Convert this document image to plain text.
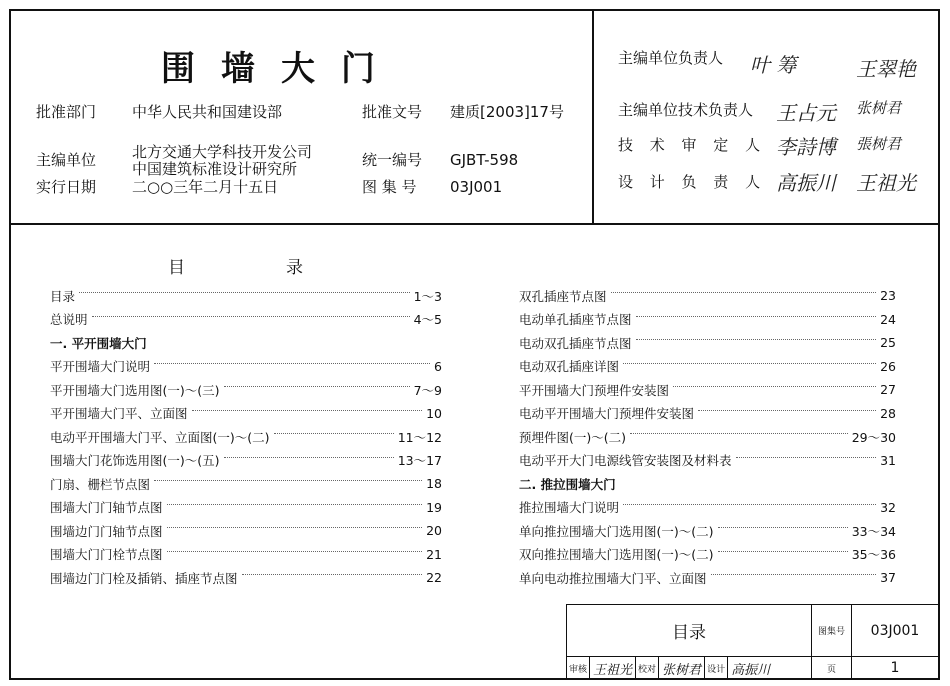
围墙大门
批准部门 中华人民共和国建设部	批准文号 建质[2003]17号
主编单位 北方交通大学科技开发公司
中国建筑标准设计研究所	统一编号 GJBT-598
实行日期 二○○三年二月十五日	图 集 号 03J001
主编单位负责人 叶 筹	王翠艳
主编单位技术负责人 王占元 张树君
技 术 审 定 人 李詩博 張树君
设 计 负 责 人 高振川 王祖光
目	录
目录	1～3
总说明	4～5
一. 平开围墙大门
平开围墙大门说明	6
平开围墙大门选用图(一)～(三)	7～9
平开围墙大门平、立面图	10
电动平开围墙大门平、立面图(一)～(二)	11～12
围墙大门花饰选用图(一)～(五)	13～17
门扇、栅栏节点图	18
围墙大门门轴节点图	19
围墙边门门轴节点图	20
围墙大门门栓节点图	21
围墙边门门栓及插销、插座节点图	22
双孔插座节点图	23
电动单孔插座节点图	24
电动双孔插座节点图	25
电动双孔插座详图	26
平开围墙大门预埋件安装图	27
电动平开围墙大门预埋件安装图	28
预埋件图(一)～(二)	29～30
电动平开大门电源线管安装图及材料表	31
二. 推拉围墙大门
推拉围墙大门说明	32
单向推拉围墙大门选用图(一)～(二)	33～34
双向推拉围墙大门选用图(一)～(二)	35～36
单向电动推拉围墙大门平、立面图	37
目录	图集号	03J001
页	1
审核 王祖光 校对 张树君 设计 高振川
